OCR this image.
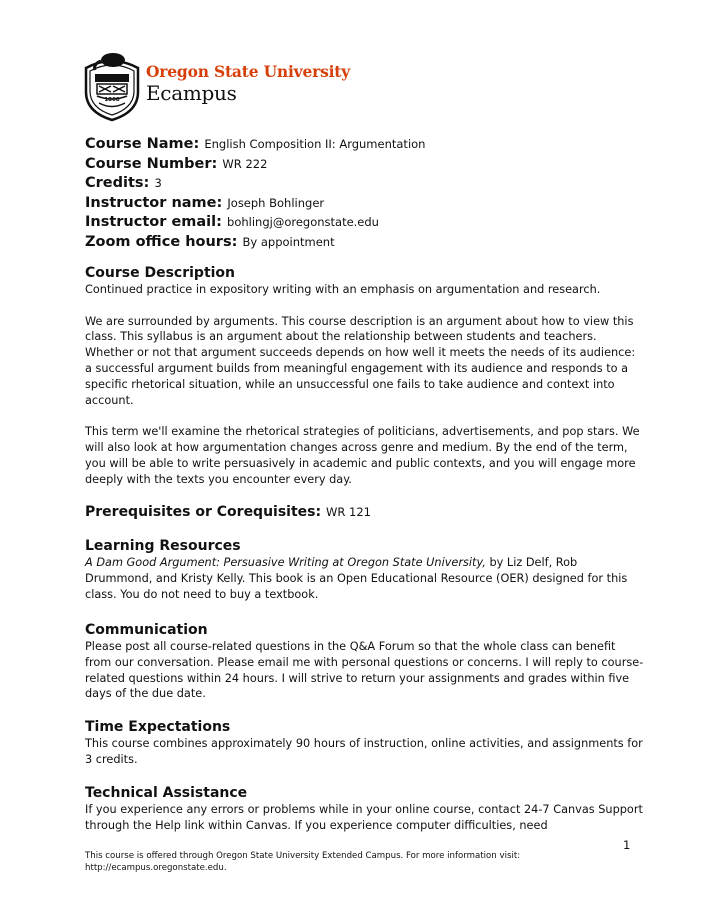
1868
Oregon State University
Ecampus
Course Name: English Composition II: Argumentation
Course Number: WR 222
Credits: 3
Instructor name: Joseph Bohlinger
Instructor email: bohlingj@oregonstate.edu
Zoom oﬃce hours: By appointment
Course Description

Continued practice in expository writing with an emphasis on argumentation and research.

We are surrounded by arguments. This course description is an argument about how to view this class. This syllabus is an argument about the relationship between students and teachers. Whether or not that argument succeeds depends on how well it meets the needs of its audience: a successful argument builds from meaningful engagement with its audience and responds to a specific rhetorical situation, while an unsuccessful one fails to take audience and context into account.

This term we'll examine the rhetorical strategies of politicians, advertisements, and pop stars. We will also look at how argumentation changes across genre and medium. By the end of the term, you will be able to write persuasively in academic and public contexts, and you will engage more deeply with the texts you encounter every day.

Prerequisites or Corequisites: WR 121
Learning Resources

A Dam Good Argument: Persuasive Writing at Oregon State University, by Liz Delf, Rob Drummond, and Kristy Kelly. This book is an Open Educational Resource (OER) designed for this class. You do not need to buy a textbook.

Communication

Please post all course-related questions in the Q&A Forum so that the whole class can benefit from our conversation. Please email me with personal questions or concerns. I will reply to course-related questions within 24 hours. I will strive to return your assignments and grades within five days of the due date.

Time Expectations

This course combines approximately 90 hours of instruction, online activities, and assignments for 3 credits.

Technical Assistance

If you experience any errors or problems while in your online course, contact 24-7 Canvas Support through the Help link within Canvas. If you experience computer difficulties, need

1
This course is offered through Oregon State University Extended Campus. For more information visit:
http://ecampus.oregonstate.edu.
